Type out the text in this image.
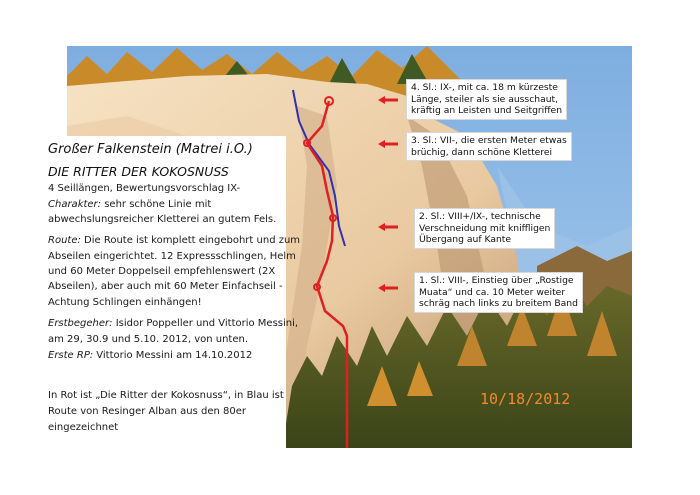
4. Sl.: IX-, mit ca. 18 m kürzeste
Länge, steiler als sie ausschaut,
kräftig an Leisten und Seitgriffen
3. Sl.: VII-, die ersten Meter etwas
brüchig, dann schöne Kletterei
2. Sl.: VIII+/IX-, technische
Verschneidung mit kniffligen
Übergang auf Kante
1. Sl.: VIII-, Einstieg über „Rostige
Muata“ und ca. 10 Meter weiter
schräg nach links zu breitem Band
10/18/2012
Großer Falkenstein (Matrei i.O.)
DIE RITTER DER KOKOSNUSS
4 Seillängen, Bewertungsvorschlag IX-
Charakter: sehr schöne Linie mit
abwechslungsreicher Kletterei an gutem Fels.
Route: Die Route ist komplett eingebohrt und zum
Abseilen eingerichtet. 12 Expressschlingen, Helm
und 60 Meter Doppelseil empfehlenswert (2X
Abseilen), aber auch mit 60 Meter Einfachseil -
Achtung Schlingen einhängen!
Erstbegeher: Isidor Poppeller und Vittorio Messini,
am 29, 30.9 und 5.10. 2012, von unten.
Erste RP: Vittorio Messini am 14.10.2012
In Rot ist „Die Ritter der Kokosnuss“, in Blau ist
Route von Resinger Alban aus den 80er
eingezeichnet
